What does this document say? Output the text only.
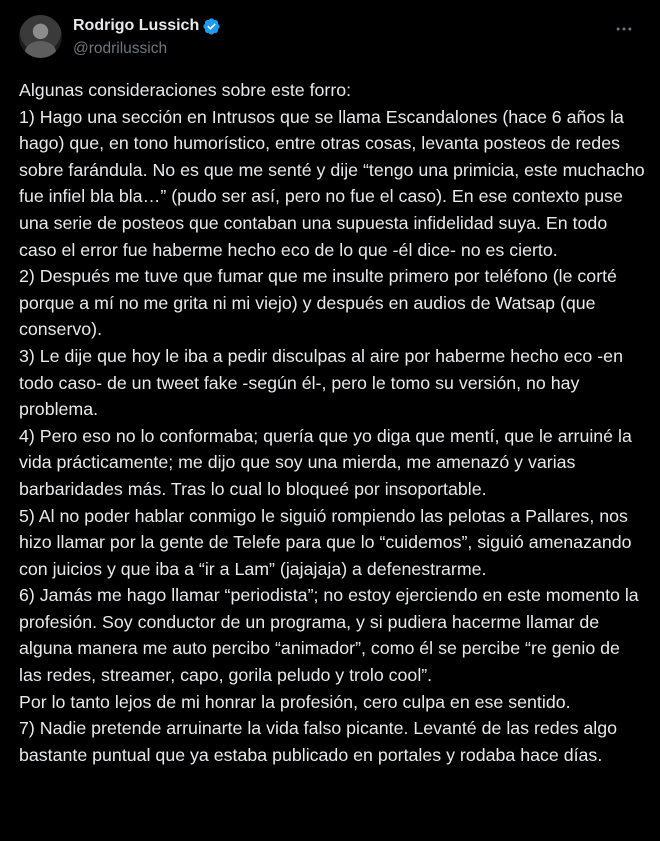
Rodrigo Lussich
@rodrilussich

Algunas consideraciones sobre este forro:

1) Hago una sección en Intrusos que se llama Escandalones (hace 6 años la hago) que, en tono humorístico, entre otras cosas, levanta posteos de redes sobre farándula. No es que me senté y dije “tengo una primicia, este muchacho fue infiel bla bla…” (pudo ser así, pero no fue el caso). En ese contexto puse una serie de posteos que contaban una supuesta infidelidad suya. En todo caso el error fue haberme hecho eco de lo que -él dice- no es cierto.

2) Después me tuve que fumar que me insulte primero por teléfono (le corté porque a mí no me grita ni mi viejo) y después en audios de Watsap (que conservo).

3) Le dije que hoy le iba a pedir disculpas al aire por haberme hecho eco -en todo caso- de un tweet fake -según él-, pero le tomo su versión, no hay problema.

4) Pero eso no lo conformaba; quería que yo diga que mentí, que le arruiné la vida prácticamente; me dijo que soy una mierda, me amenazó y varias barbaridades más. Tras lo cual lo bloqueé por insoportable.

5) Al no poder hablar conmigo le siguió rompiendo las pelotas a Pallares, nos hizo llamar por la gente de Telefe para que lo “cuidemos”, siguió amenazando con juicios y que iba a “ir a Lam” (jajajaja) a defenestrarme.

6) Jamás me hago llamar “periodista”; no estoy ejerciendo en este momento la profesión. Soy conductor de un programa, y si pudiera hacerme llamar de alguna manera me auto percibo “animador”, como él se percibe “re genio de las redes, streamer, capo, gorila peludo y trolo cool”.

Por lo tanto lejos de mi honrar la profesión, cero culpa en ese sentido.

7) Nadie pretende arruinarte la vida falso picante. Levanté de las redes algo bastante puntual que ya estaba publicado en portales y rodaba hace días.
